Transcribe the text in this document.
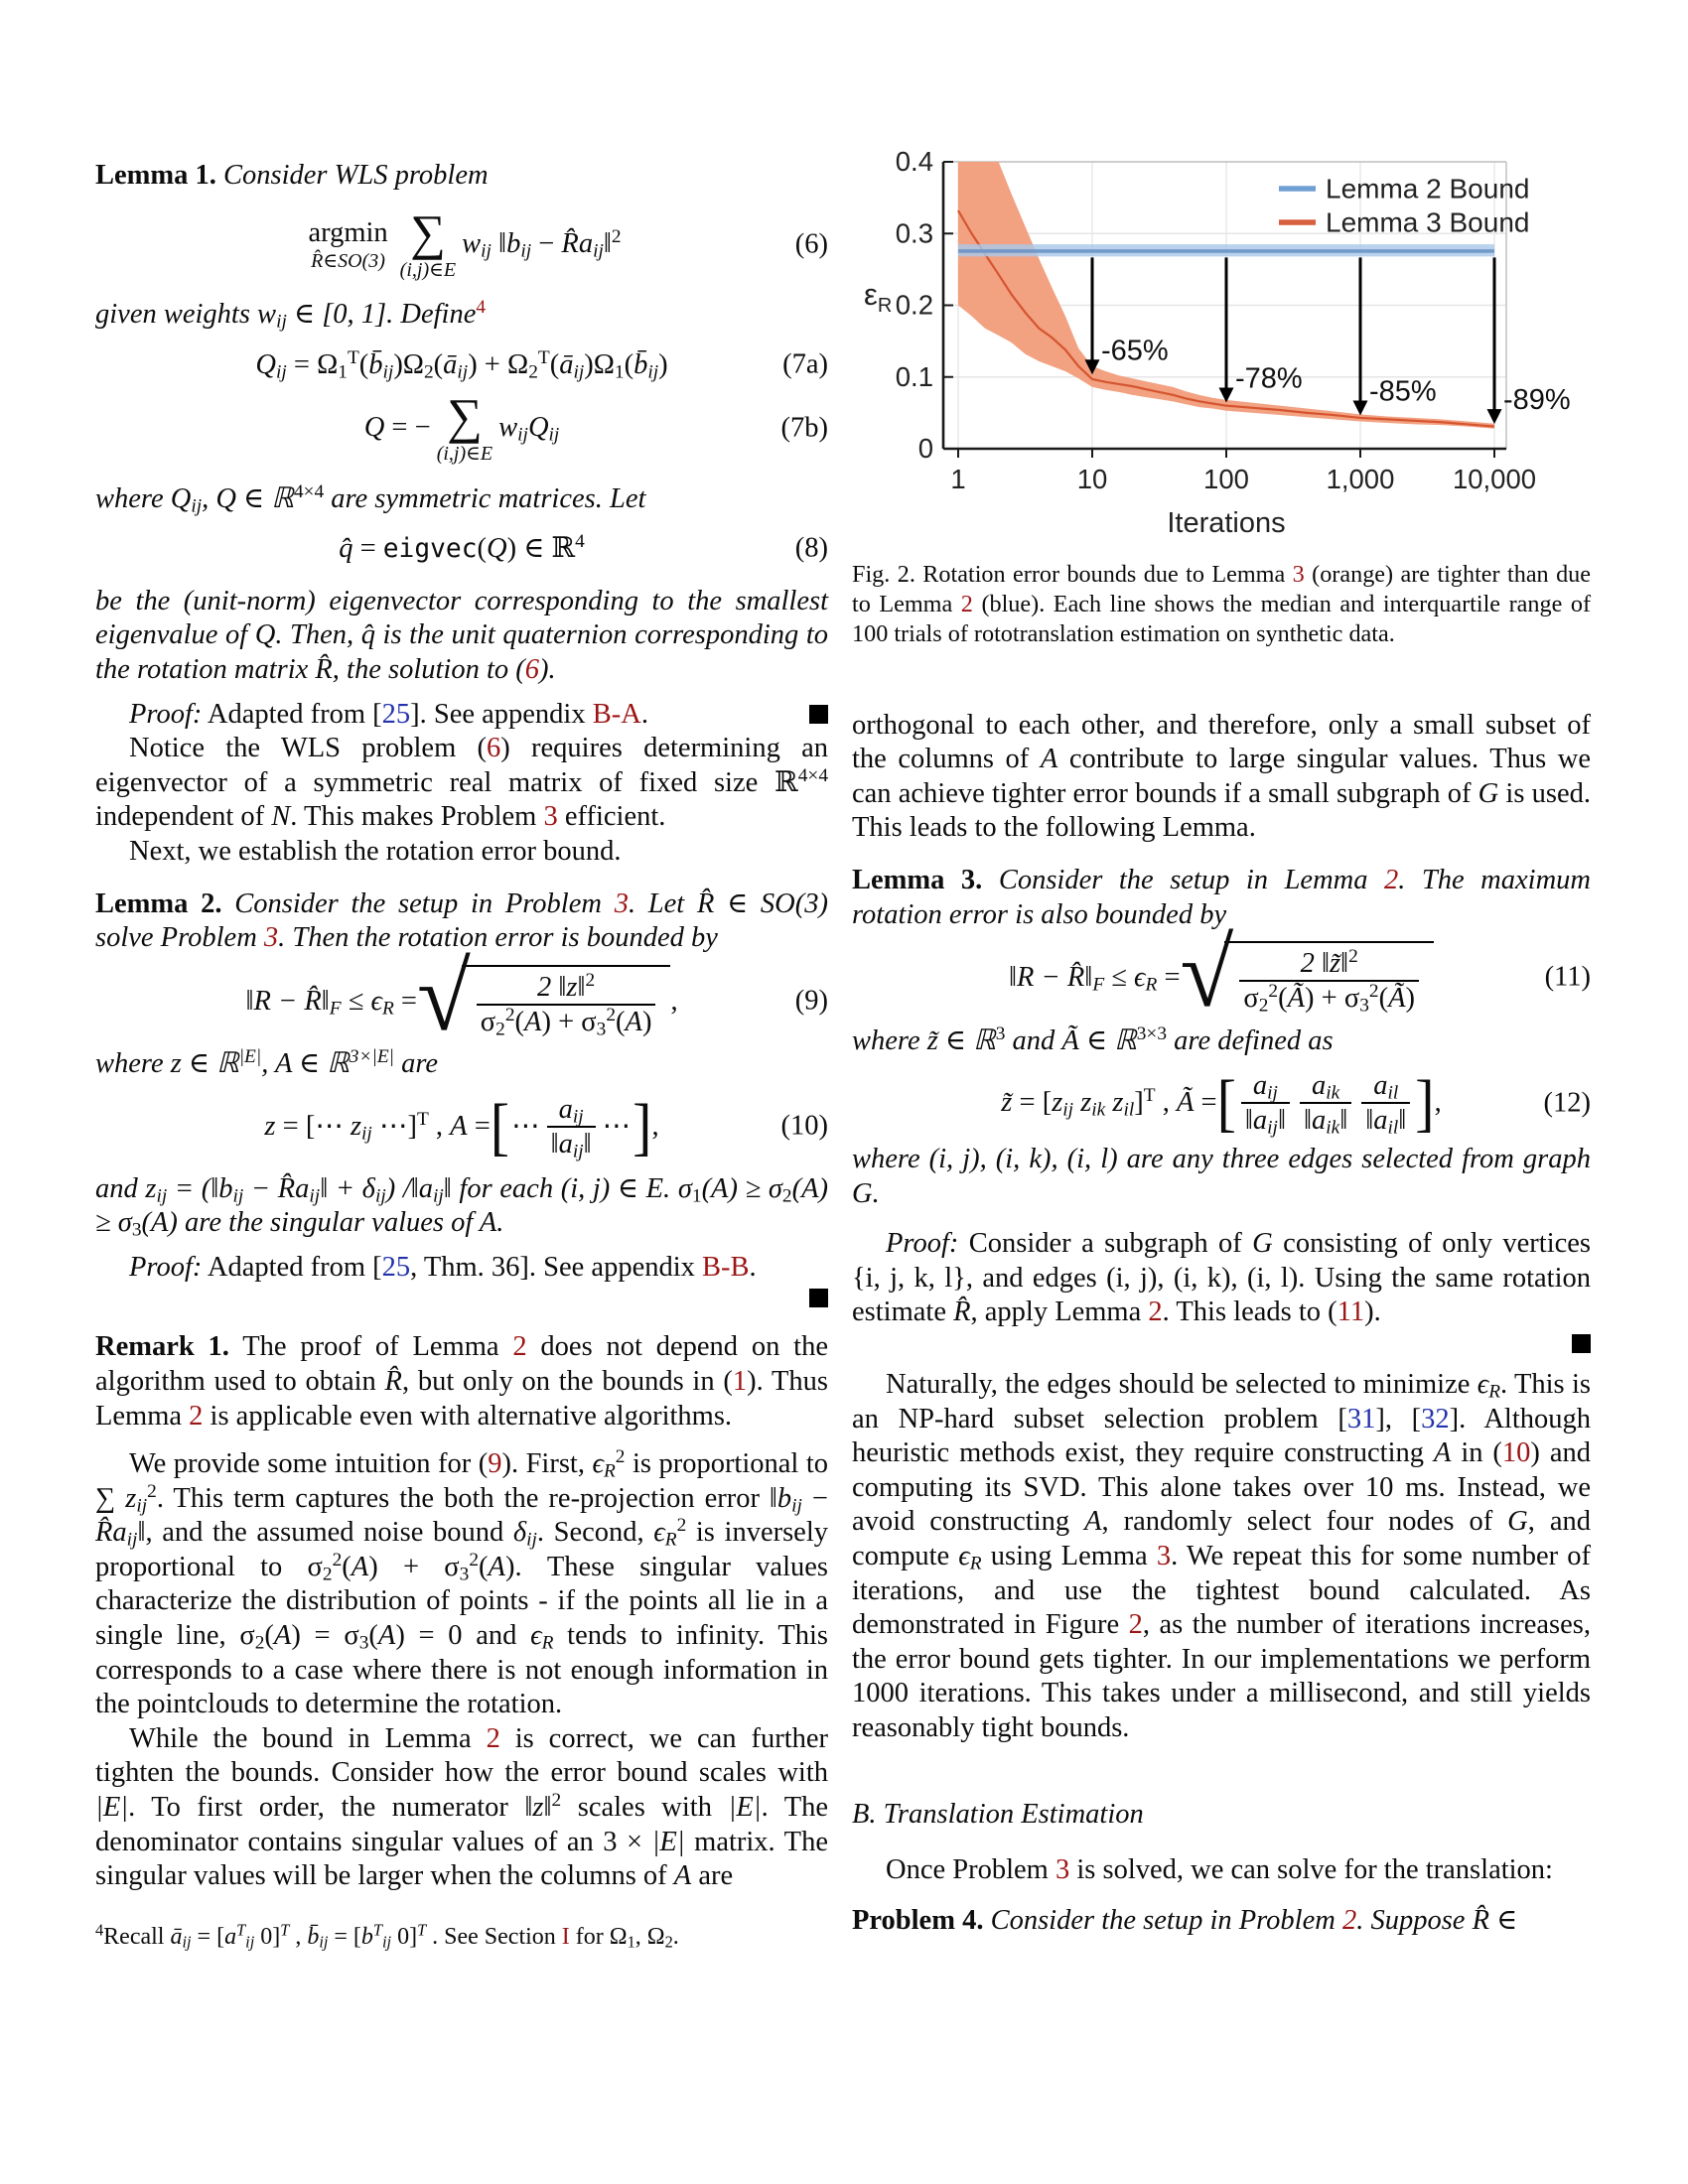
Lemma 1. Consider WLS problem
argmin
R̂∈SO(3)
∑
(i,j)∈E
$w_{ij}$ $‖b_{ij}$ − $R̂a_{ij}‖^2$	(6)
given weights $w_{ij}$ ∈ [0, 1]. Define$^4$
$Q_{ij}$ = $\Omega_1^T(b̄_{ij})\Omega_2(ā_{ij})$ + $\Omega_2^T(ā_{ij})\Omega_1(b̄_{ij})$	(7a)
Q = − ∑
(i,j)∈E
$w_{ij}Q_{ij}$	(7b)
where $Q_{ij}$, Q ∈ ℝ$^{4\times 4}$ are symmetric matrices. Let
q̂ = eigvec(Q) ∈ ℝ$^4$	(8)
be the (unit-norm) eigenvector corresponding to the smallest eigenvalue of Q. Then, q̂ is the unit quaternion corresponding to the rotation matrix R̂, the solution to (6).
Proof: Adapted from [25]. See appendix B-A.
Notice the WLS problem (6) requires determining an eigenvector of a symmetric real matrix of fixed size ℝ$^{4\times 4}$ independent of N. This makes Problem 3 efficient.
Next, we establish the rotation error bound.
Lemma 2. Consider the setup in Problem 3. Let R̂ ∈ SO(3) solve Problem 3. Then the rotation error is bounded by
‖R − $R̂‖_F \le \epsilon_R$ = √ $\frac{2 ‖z‖^2}{\sigma_2^2(A) + \sigma_3^2(A)}$ ,	(9)
where z ∈ ℝ$^{|E|}$, A ∈ ℝ$^{3\times|E|}$ are
z = [⋯ $z_{ij}$ ⋯]$^T$ , A = [ ⋯ $\frac{a_{ij}}{‖a_{ij}‖}$ ⋯ ] ,	(10)
and $z_{ij}$ = ($‖b_{ij}$ − $R̂a_{ij}‖ + \delta_{ij}$) $/‖a_{ij}‖$ for each (i, j) ∈ E. $\sigma_1(A) \ge \sigma_2(A) \ge \sigma_3(A)$ are the singular values of A.
Proof: Adapted from [25, Thm. 36]. See appendix B-B.
Remark 1. The proof of Lemma 2 does not depend on the algorithm used to obtain R̂, but only on the bounds in (1). Thus Lemma 2 is applicable even with alternative algorithms.
We provide some intuition for (9). First, $\epsilon_R^2$ is proportional to ∑ $z_{ij}^2$. This term captures the both the re-projection error $‖b_{ij}$ − $R̂a_{ij}‖$, and the assumed noise bound $\delta_{ij}$. Second, $\epsilon_R^2$ is inversely proportional to $\sigma_2^2(A) + \sigma_3^2(A)$. These singular values characterize the distribution of points - if the points all lie in a single line, $\sigma_2(A) = \sigma_3(A) = 0$ and $\epsilon_R$ tends to infinity. This corresponds to a case where there is not enough information in the pointclouds to determine the rotation.
While the bound in Lemma 2 is correct, we can further tighten the bounds. Consider how the error bound scales with |E|. To first order, the numerator ‖z‖$^2$ scales with |E|. The denominator contains singular values of an 3 × |E| matrix. The singular values will be larger when the columns of A are
$^4$Recall $ā_{ij} = [a^T_{ij}$ 0]$^T$ , $b̄_{ij} = [b^T_{ij}$ 0]$^T$ . See Section I for $\Omega_1$, $\Omega_2$.
-65%
-78% -85% -89%
0
0.1
0.2
0.3
0.4
1	10	100	1,000 10,000
Iterations
$\varepsilon_R$
Lemma 2 Bound
Lemma 3 Bound
Fig. 2. Rotation error bounds due to Lemma 3 (orange) are tighter than due to Lemma 2 (blue). Each line shows the median and interquartile range of 100 trials of rototranslation estimation on synthetic data.
orthogonal to each other, and therefore, only a small subset of the columns of A contribute to large singular values. Thus we can achieve tighter error bounds if a small subgraph of G is used. This leads to the following Lemma.
Lemma 3. Consider the setup in Lemma 2. The maximum rotation error is also bounded by
‖R − $R̂‖_F \le \epsilon_R$ = √ $\frac{2 ‖z̃‖^2}{\sigma_2^2(Ã) + \sigma_3^2(Ã)}$	(11)
where z̃ ∈ ℝ$^3$ and Ã ∈ ℝ$^{3\times 3}$ are defined as
z̃ = [$z_{ij}$ $z_{ik}$ $z_{il}]^T$ , Ã = [ $\frac{a_{ij}}{‖a_{ij}‖} \frac{a_{ik}}{‖a_{ik}‖} \frac{a_{il}}{‖a_{il}‖}$ ] ,	(12)
where (i, j), (i, k), (i, l) are any three edges selected from graph G.
Proof: Consider a subgraph of G consisting of only vertices {i, j, k, l}, and edges (i, j), (i, k), (i, l). Using the same rotation estimate R̂, apply Lemma 2. This leads to (11).
Naturally, the edges should be selected to minimize $\epsilon_R$. This is an NP-hard subset selection problem [31], [32]. Although heuristic methods exist, they require constructing A in (10) and computing its SVD. This alone takes over 10 ms. Instead, we avoid constructing A, randomly select four nodes of G, and compute $\epsilon_R$ using Lemma 3. We repeat this for some number of iterations, and use the tightest bound calculated. As demonstrated in Figure 2, as the number of iterations increases, the error bound gets tighter. In our implementations we perform 1000 iterations. This takes under a millisecond, and still yields reasonably tight bounds.
B. Translation Estimation
Once Problem 3 is solved, we can solve for the translation:
Problem 4. Consider the setup in Problem 2. Suppose R̂ ∈
